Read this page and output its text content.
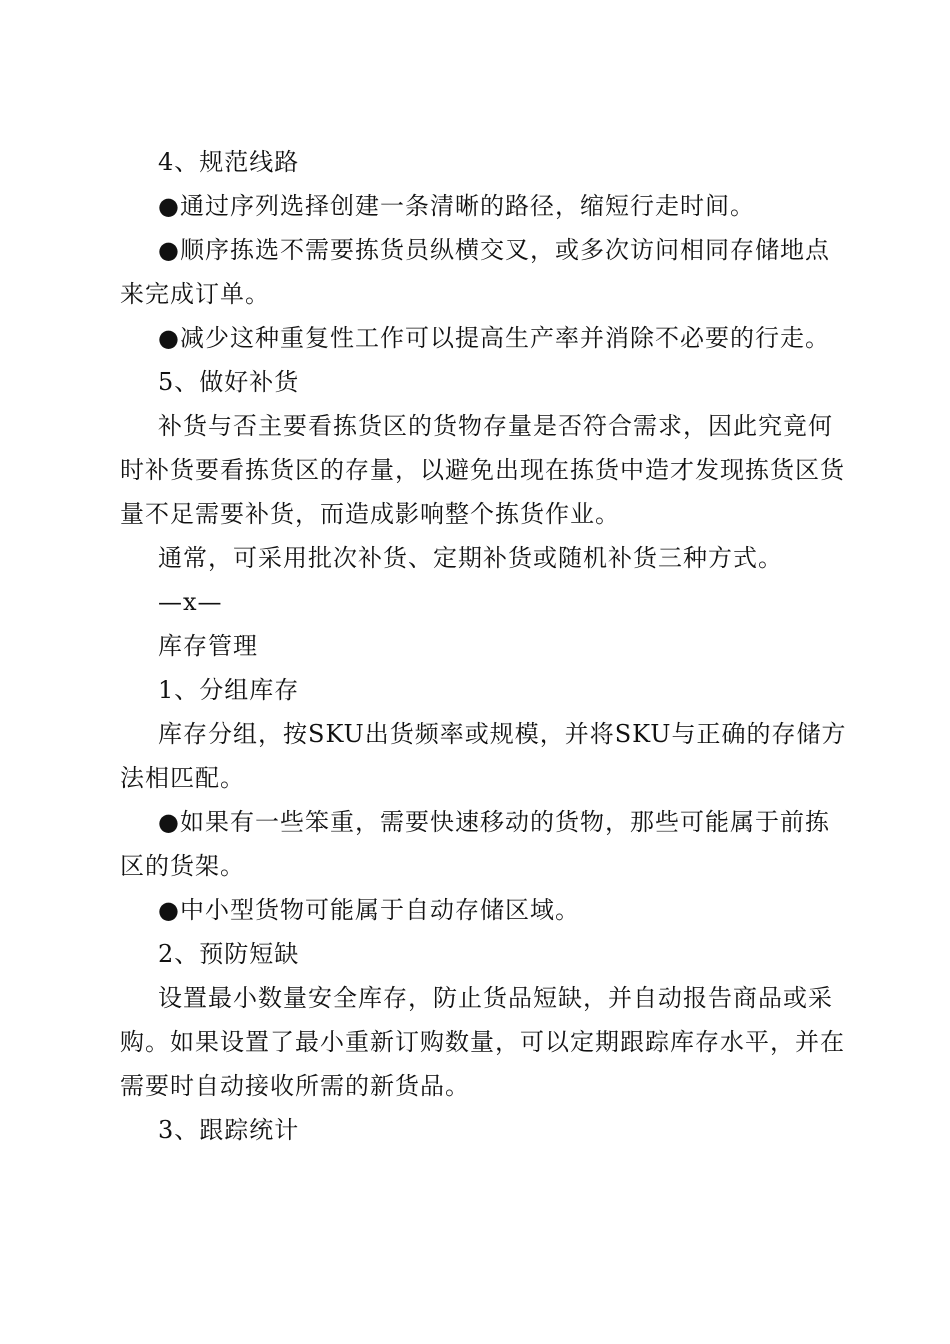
4、规范线路

●通过序列选择创建一条清晰的路径，缩短行走时间。

●顺序拣选不需要拣货员纵横交叉，或多次访问相同存储地点来完成订单。

●减少这种重复性工作可以提高生产率并消除不必要的行走。

5、做好补货

补货与否主要看拣货区的货物存量是否符合需求，因此究竟何时补货要看拣货区的存量，以避免出现在拣货中造才发现拣货区货量不足需要补货，而造成影响整个拣货作业。

通常，可采用批次补货、定期补货或随机补货三种方式。

—x—

库存管理

1、分组库存

库存分组，按SKU出货频率或规模，并将SKU与正确的存储方法相匹配。

●如果有一些笨重，需要快速移动的货物，那些可能属于前拣区的货架。

●中小型货物可能属于自动存储区域。

2、预防短缺

设置最小数量安全库存，防止货品短缺，并自动报告商品或采购。如果设置了最小重新订购数量，可以定期跟踪库存水平，并在需要时自动接收所需的新货品。

3、跟踪统计
